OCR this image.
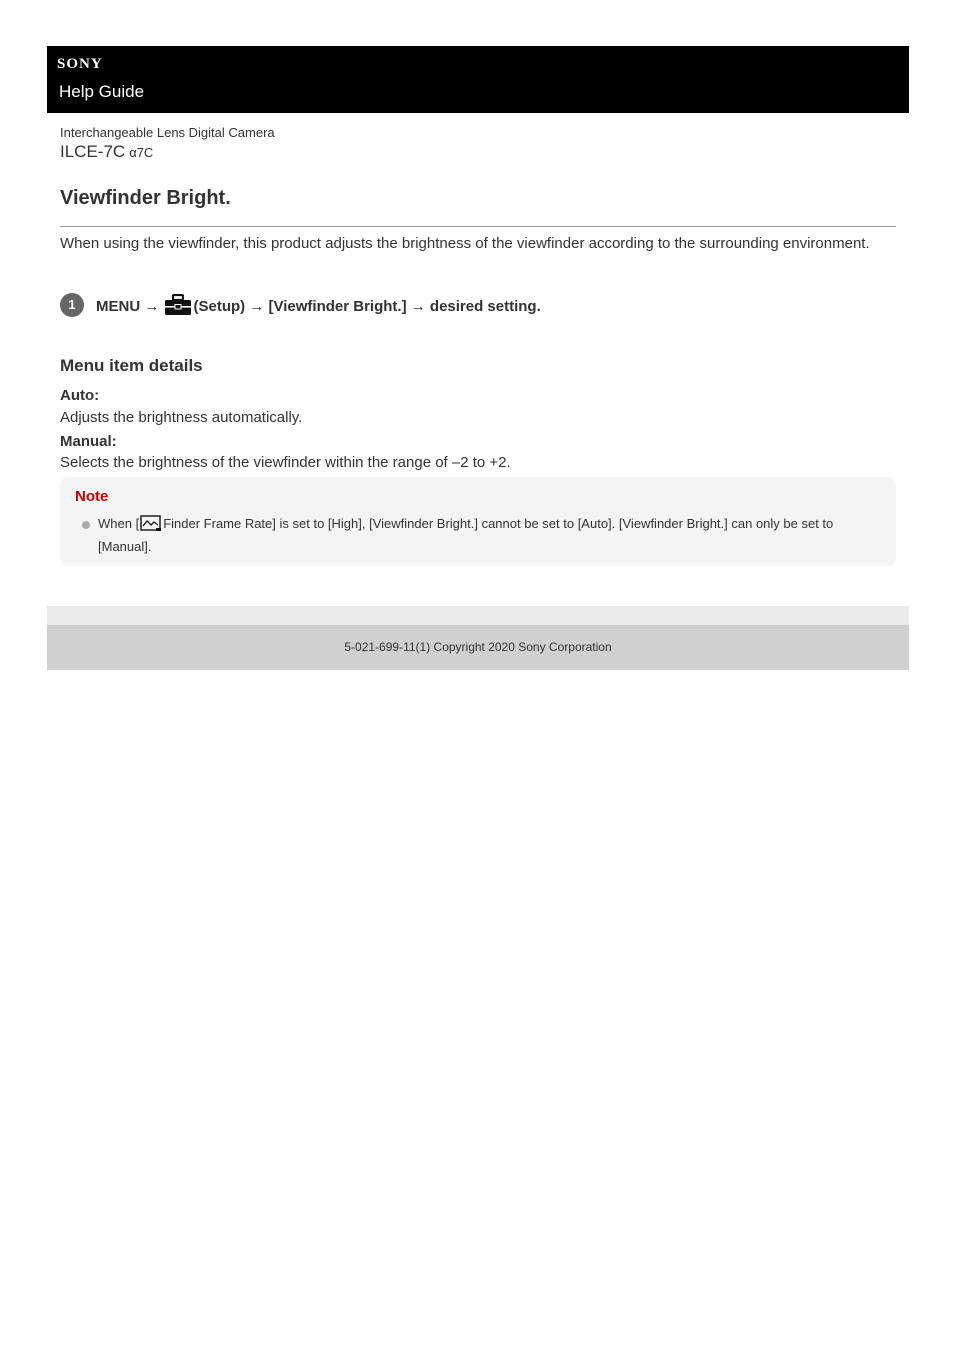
SONY
Help Guide
Interchangeable Lens Digital Camera
ILCE-7C α7C
Viewfinder Bright.

When using the viewfinder, this product adjusts the brightness of the viewfinder according to the surrounding environment.

1	MENU → (Setup) → [Viewfinder Bright.] → desired setting.
Menu item details
Auto:
Adjusts the brightness automatically.
Manual:
Selects the brightness of the viewfinder within the range of –2 to +2.
Note
When [ Finder Frame Rate] is set to [High], [Viewfinder Bright.] cannot be set to [Auto]. [Viewfinder Bright.] can only be set to [Manual].
5-021-699-11(1) Copyright 2020 Sony Corporation
